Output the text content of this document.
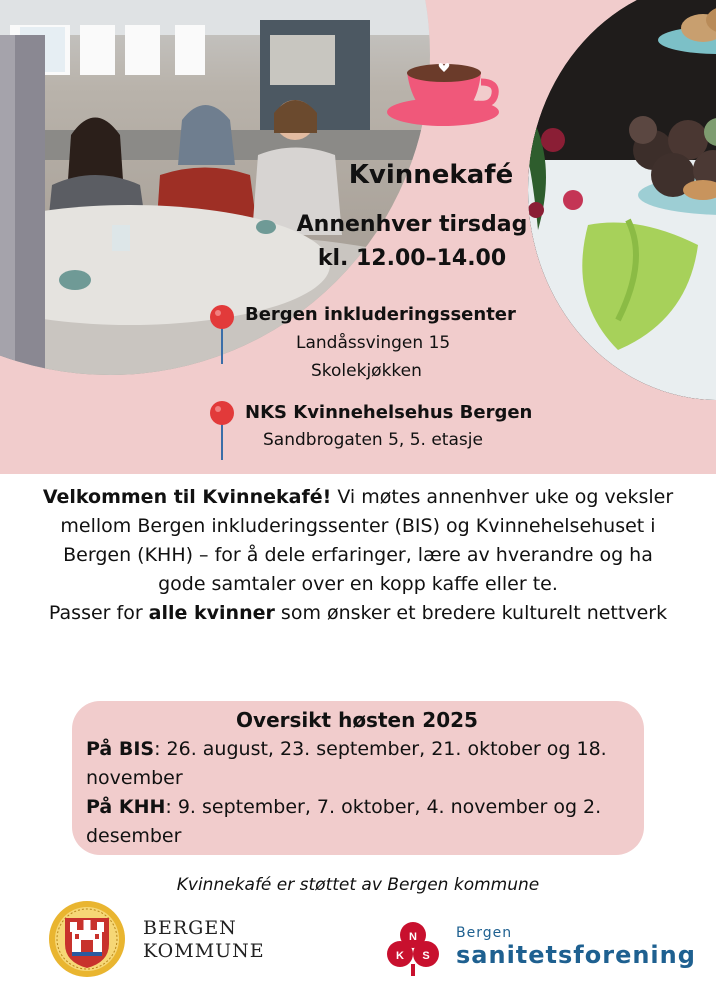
Kvinnekafé
Annenhver tirsdag
kl. 12.00–14.00
Bergen inkluderingssenter
Landåssvingen 15
Skolekjøkken
NKS Kvinnehelsehus Bergen
Sandbrogaten 5, 5. etasje

Velkommen til Kvinnekafé! Vi møtes annenhver uke og veksler mellom Bergen inkluderingssenter (BIS) og Kvinnehelsehuset i Bergen (KHH) – for å dele erfaringer, lære av hverandre og ha gode samtaler over en kopp kaffe eller te.

Passer for alle kvinner som ønsker et bredere kulturelt nettverk

Oversikt høsten 2025
På BIS: 26. august, 23. september, 21. oktober og 18. november
På KHH: 9. september, 7. oktober, 4. november og 2. desember
Kvinnekafé er støttet av Bergen kommune
BERGEN
KOMMUNE
N
K S
Bergen
sanitetsforening
